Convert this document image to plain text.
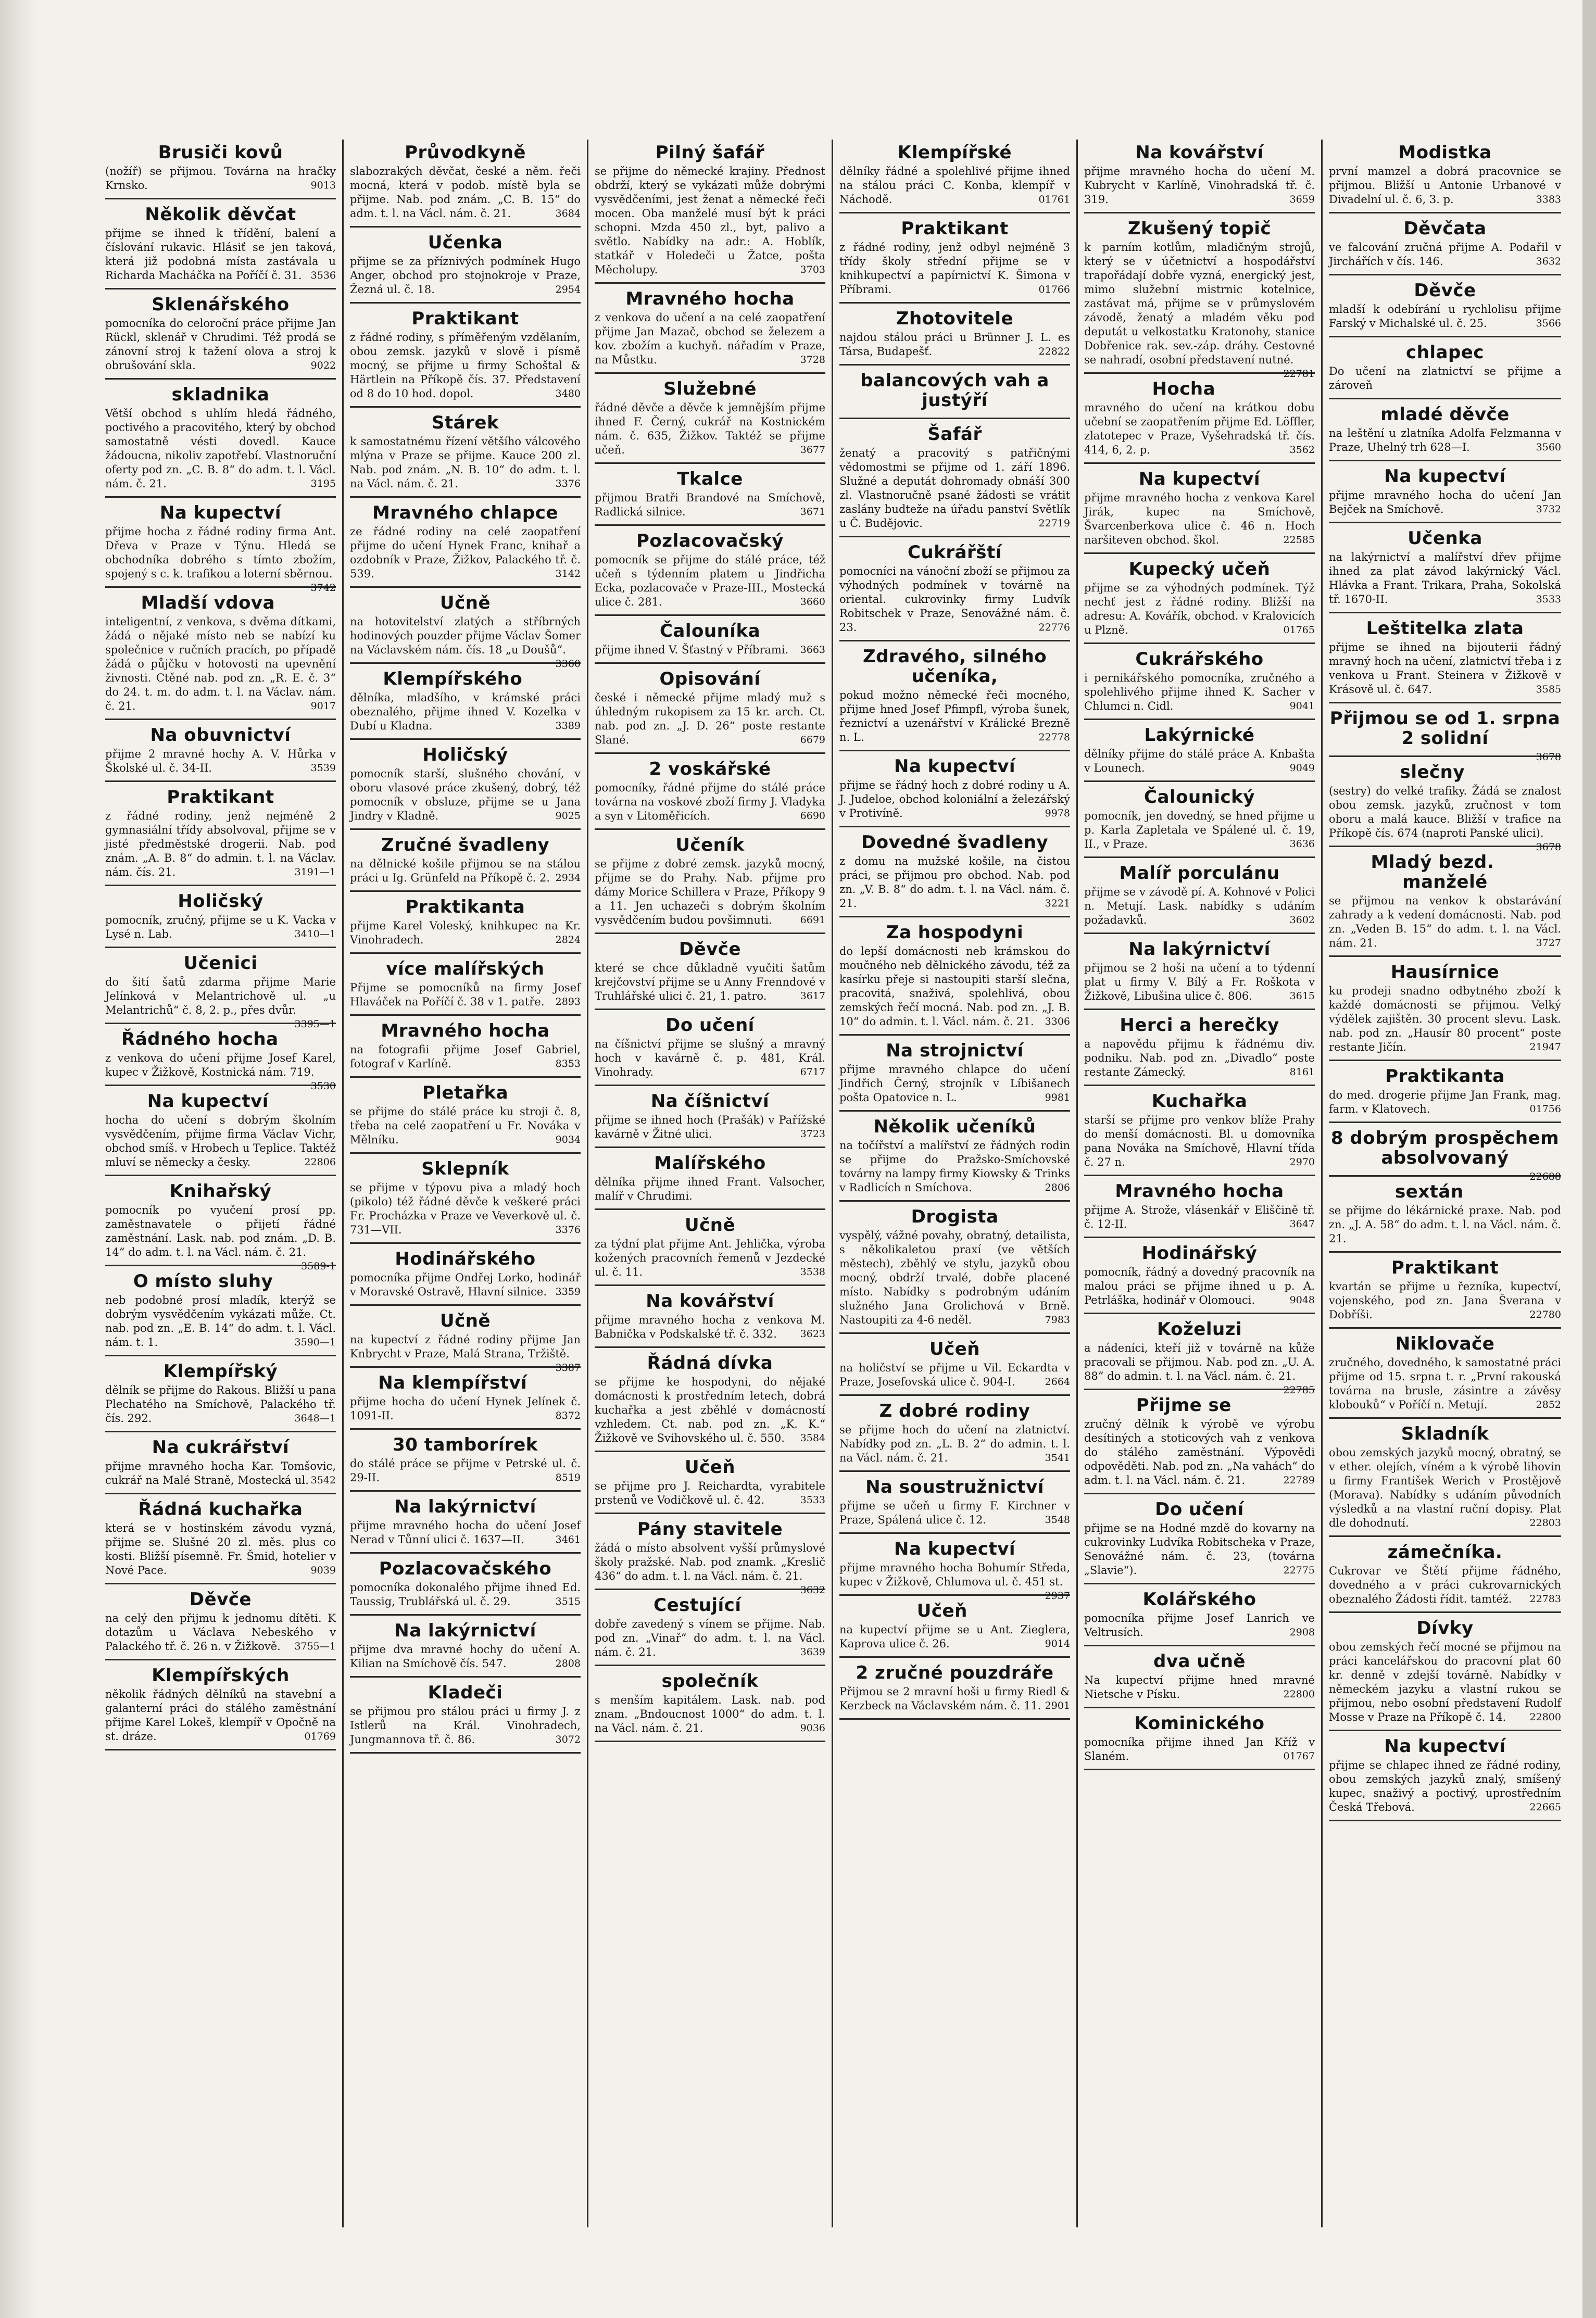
Brusiči kovů

(nožíř) se přijmou. Továrna na hračky Krnsko.	9013

Několik děvčat

přijme se ihned k třídění, balení a číslování rukavic. Hlásiť se jen taková, která již podobná místa zastávala u Richarda Macháčka na Poříčí č. 31. 3536

Sklenářského

pomocníka do celoroční práce přijme Jan Rückl, sklenář v Chrudimi. Též prodá se zánovní stroj k tažení olova a stroj k obrušování skla.	9022

skladnika

Větší obchod s uhlím hledá řádného, poctivého a pracovitého, který by obchod samostatně vésti dovedl. Kauce žádoucna, nikoliv zapotřebí. Vlastnoruční oferty pod zn. „C. B. 8“ do adm. t. l. Václ. nám. č. 21.	3195

Na kupectví

přijme hocha z řádné rodiny firma Ant. Dřeva v Praze v Týnu. Hledá se obchodníka dobrého s tímto zbožím, spojený s c. k. trafikou a loterní sběrnou.
3742

Mladší vdova

inteligentní, z venkova, s dvěma dítkami, žádá o nějaké místo neb se nabízí ku společnice v ručních pracích, po případě žádá o půjčku v hotovosti na upevnění živnosti. Ctěné nab. pod zn. „R. E. č. 3“ do 24. t. m. do adm. t. l. na Václav. nám. č. 21.	9017

Na obuvnictví

přijme 2 mravné hochy A. V. Hůrka v Školské ul. č. 34-II.	3539

Praktikant

z řádné rodiny, jenž nejméně 2 gymnasiální třídy absolvoval, přijme se v jisté předměstské drogerii. Nab. pod znám. „A. B. 8“ do admin. t. l. na Václav. nám. čís. 21.	3191—1

Holičský

pomocník, zručný, přijme se u K. Vacka v Lysé n. Lab.	3410—1

Učenici

do šití šatů zdarma přijme Marie Jelínková v Melantrichově ul. „u Melantrichů“ č. 8, 2. p., přes dvůr.
3395—1

Řádného hocha

z venkova do učení přijme Josef Karel, kupec v Žižkově, Kostnická nám. 719.
3530

Na kupectví

hocha do učení s dobrým školním vysvědčením, přijme firma Václav Vichr, obchod smíš. v Hrobech u Teplice. Taktéž mluví se německy a česky.	22806

Knihařský

pomocník po vyučení prosí pp. zaměstnavatele o přijetí řádné zaměstnání. Lask. nab. pod znám. „D. B. 14“ do adm. t. l. na Václ. nám. č. 21.
3589-1

O místo sluhy

neb podobné prosí mladík, kterýž se dobrým vysvědčením vykázati může. Ct. nab. pod zn. „E. B. 14“ do adm. t. l. Václ. nám. t. 1.	3590—1

Klempířský

dělník se přijme do Rakous. Bližší u pana Plechatého na Smíchově, Palackého tř. čís. 292.	3648—1

Na cukrářství

přijme mravného hocha Kar. Tomšovic, cukrář na Malé Straně, Mostecká ul. 3542

Řádná kuchařka

která se v hostinském závodu vyzná, přijme se. Slušné 20 zl. měs. plus co kosti. Bližší písemně. Fr. Šmid, hotelier v Nové Pace.	9039

Děvče

na celý den přijmu k jednomu dítěti. K dotazům u Václava Nebeského v Palackého tř. č. 26 n. v Žižkově. 3755—1

Klempířských

několik řádných dělníků na stavební a galanterní práci do stálého zaměstnání přijme Karel Lokeš, klempíř v Opočně na st. dráze.	01769

Průvodkyně

slabozrakých děvčat, české a něm. řeči mocná, která v podob. místě byla se přijme. Nab. pod znám. „C. B. 15“ do adm. t. l. na Václ. nám. č. 21.	3684

Učenka

přijme se za příznivých podmínek Hugo Anger, obchod pro stojnokroje v Praze, Žezná ul. č. 18.	2954

Praktikant

z řádné rodiny, s příměřeným vzdělaním, obou zemsk. jazyků v slově i písmě mocný, se přijme u firmy Schoštal & Härtlein na Příkopě čís. 37. Představení od 8 do 10 hod. dopol.	3480

Stárek

k samostatnému řízení většího válcového mlýna v Praze se přijme. Kauce 200 zl. Nab. pod znám. „N. B. 10“ do adm. t. l. na Václ. nám. č. 21.	3376

Mravného chlapce

ze řádné rodiny na celé zaopatření přijme do učení Hynek Franc, knihař a ozdobník v Praze, Žižkov, Palackého tř. č. 539.	3142

Učně

na hotovitelství zlatých a stříbrných hodinových pouzder přijme Václav Šomer na Václavském nám. čís. 18 „u Doušů“.
3360

Klempířského

dělníka, mladšího, v krámské práci obeznalého, přijme ihned V. Kozelka v Dubí u Kladna.	3389

Holičský

pomocník starší, slušného chování, v oboru vlasové práce zkušený, dobrý, též pomocník v obsluze, přijme se u Jana Jindry v Kladně.	9025

Zručné švadleny

na dělnické košile přijmou se na stálou práci u Ig. Grünfeld na Příkopě č. 2. 2934

Praktikanta

přijme Karel Voleský, knihkupec na Kr. Vinohradech.	2824

více malířských

Přijme se pomocníků na firmy Josef Hlaváček na Poříčí č. 38 v 1. patře. 2893

Mravného hocha

na fotografii přijme Josef Gabriel, fotograf v Karlíně.	8353

Pletařka

se přijme do stálé práce ku stroji č. 8, třeba na celé zaopatření u Fr. Nováka v Mělníku.	9034

Sklepník

se přijme v týpovu piva a mladý hoch (pikolo) též řádné děvče k veškeré práci Fr. Procházka v Praze ve Veverkově ul. č. 731—VII.	3376

Hodinářského

pomocníka přijme Ondřej Lorko, hodinář v Moravské Ostravě, Hlavní silnice. 3359

Učně

na kupectví z řádné rodiny přijme Jan Knbrycht v Praze, Malá Strana, Tržiště.
3387

Na klempířství

přijme hocha do učení Hynek Jelínek č. 1091-II.	8372

30 tamborírek

do stálé práce se přijme v Petrské ul. č. 29-II.	8519

Na lakýrnictví

přijme mravného hocha do učení Josef Nerad v Tůnní ulici č. 1637—II.	3461

Pozlacovačského

pomocníka dokonalého přijme ihned Ed. Taussig, Trublářská ul. č. 29.	3515

Na lakýrnictví

přijme dva mravné hochy do učení A. Kilian na Smíchově čís. 547.	2808

Kladeči

se přijmou pro stálou práci u firmy J. z Istlerů na Král. Vinohradech, Jungmannova tř. č. 86.	3072

Pilný šafář

se přijme do německé krajiny. Přednost obdrží, který se vykázati může dobrými vysvědčeními, jest ženat a německé řeči mocen. Oba manželé musí být k práci schopni. Mzda 450 zl., byt, palivo a světlo. Nabídky na adr.: A. Hoblík, statkář v Holedeči u Žatce, pošta Měcholupy.	3703

Mravného hocha

z venkova do učení a na celé zaopatření přijme Jan Mazač, obchod se železem a kov. zbožím a kuchyň. nářadím v Praze, na Můstku.	3728

Služebné

řádné děvče a děvče k jemnějším přijme ihned F. Černý, cukrář na Kostnickém nám. č. 635, Žižkov. Taktéž se přijme učeň.	3677

Tkalce

přijmou Bratři Brandové na Smíchově, Radlická silnice.	3671

Pozlacovačský

pomocník se přijme do stálé práce, též učeň s týdenním platem u Jindřicha Ecka, pozlacovače v Praze-III., Mostecká ulice č. 281.	3660

Čalouníka

přijme ihned V. Šťastný v Příbrami. 3663

Opisování

české i německé přijme mladý muž s úhledným rukopisem za 15 kr. arch. Ct. nab. pod zn. „J. D. 26“ poste restante Slané.	6679

2 voskářské

pomocníky, řádné přijme do stálé práce továrna na voskové zboží firmy J. Vladyka a syn v Litoměřicích.	6690

Učeník

se přijme z dobré zemsk. jazyků mocný, přijme se do Prahy. Nab. přijme pro dámy Morice Schillera v Praze, Příkopy 9 a 11. Jen uchazeči s dobrým školním vysvědčením budou povšimnuti.	6691

Děvče

které se chce důkladně vyučiti šatům krejčovství přijme se u Anny Frenndové v Truhlářské ulici č. 21, 1. patro.	3617

Do učení

na číšnictví přijme se slušný a mravný hoch v kavárně č. p. 481, Král. Vinohrady.	6717

Na číšnictví

přijme se ihned hoch (Prašák) v Pařížské kavárně v Žitné ulici.	3723

Malířského

dělníka přijme ihned Frant. Valsocher, malíř v Chrudimi.

Učně

za týdní plat přijme Ant. Jehlička, výroba kožených pracovních řemenů v Jezdecké ul. č. 11.	3538

Na kovářství

přijme mravného hocha z venkova M. Babnička v Podskalské tř. č. 332. 3623

Řádná dívka

se přijme ke hospodyni, do nějaké domácnosti k prostředním letech, dobrá kuchařka a jest zběhlé v domácností vzhledem. Ct. nab. pod zn. „K. K.“ Žižkově ve Svihovského ul. č. 550. 3584

Učeň

se přijme pro J. Reichardta, vyrabitele prstenů ve Vodičkově ul. č. 42.	3533

Pány stavitele

žádá o místo absolvent vyšší průmyslové školy pražské. Nab. pod znamk. „Kreslič 436“ do adm. t. l. na Václ. nám. č. 21.
3632

Cestující

dobře zavedený s vínem se přijme. Nab. pod zn. „Vinař“ do adm. t. l. na Václ. nám. č. 21.	3639

společník

s menším kapitálem. Lask. nab. pod znam. „Bndoucnost 1000“ do adm. t. l. na Václ. nám. č. 21.	9036

Klempířské

dělníky řádné a spolehlivé přijme ihned na stálou práci C. Konba, klempíř v Náchodě.	01761

Praktikant

z řádné rodiny, jenž odbyl nejméně 3 třídy školy střední přijme se v knihkupectví a papírnictví K. Šimona v Příbrami.	01766

Zhotovitele

najdou stálou práci u Brünner J. L. es Társa, Budapešť.	22822

balancových vah a justýří

Šafář

ženatý a pracovitý s patřičnými vědomostmi se přijme od 1. září 1896. Služné a deputát dohromady obnáší 300 zl. Vlastnoručně psané žádosti se vrátit zaslány budteže na úřadu panství Světlík u Č. Budějovic.	22719

Cukrářští

pomocníci na vánoční zboží se přijmou za výhodných podmínek v továrně na oriental. cukrovinky firmy Ludvík Robitschek v Praze, Senovážné nám. č. 23.	22776

Zdravého, silného učeníka,

pokud možno německé řeči mocného, přijme hned Josef Pfimpfl, výroba šunek, řeznictví a uzenářství v Králické Brezně n. L.	22778

Na kupectví

přijme se řádný hoch z dobré rodiny u A. J. Judeloe, obchod koloniální a železářský v Protivíně.	9978

Dovedné švadleny

z domu na mužské košile, na čistou práci, se přijmou pro obchod. Nab. pod zn. „V. B. 8“ do adm. t. l. na Václ. nám. č. 21.	3221

Za hospodyni

do lepší domácnosti neb krámskou do moučného neb dělnického závodu, též za kasírku přeje si nastoupiti starší slečna, pracovitá, snaživá, spolehlivá, obou zemských řečí mocná. Nab. pod zn. „J. B. 10“ do admin. t. l. Václ. nám. č. 21. 3306

Na strojnictví

přijme mravného chlapce do učení Jindřich Černý, strojník v Líbišanech pošta Opatovice n. L.	9981

Několik učeníků

na točířství a malířství ze řádných rodin se přijme do Pražsko-Smíchovské továrny na lampy firmy Kiowsky & Trinks v Radlicích n Smíchova.	2806

Drogista

vyspělý, vážné povahy, obratný, detailista, s několikaletou praxí (ve větších městech), zběhlý ve stylu, jazyků obou mocný, obdrží trvalé, dobře placené místo. Nabídky s podrobným udáním služného Jana Grolichová v Brně. Nastoupiti za 4-6 neděl.	7983

Učeň

na holičství se přijme u Vil. Eckardta v Praze, Josefovská ulice č. 904-I.	2664

Z dobré rodiny

se přijme hoch do učení na zlatnictví. Nabídky pod zn. „L. B. 2“ do admin. t. l. na Václ. nám. č. 21.	3541

Na soustružnictví

přijme se učeň u firmy F. Kirchner v Praze, Spálená ulice č. 12.	3548

Na kupectví

přijme mravného hocha Bohumír Středa, kupec v Žižkově, Chlumova ul. č. 451 st.
2937

Učeň

na kupectví přijme se u Ant. Zieglera, Kaprova ulice č. 26.	9014

2 zručné pouzdráře

Přijmou se 2 mravní hoši u firmy Riedl & Kerzbeck na Václavském nám. č. 11. 2901

Na kovářství

přijme mravného hocha do učení M. Kubrycht v Karlíně, Vinohradská tř. č. 319.	3659

Zkušený topič

k parním kotlům, mladičným strojů, který se v účetnictví a hospodářství trapořádají dobře vyzná, energický jest, mimo služební mistrnic kotelnice, zastávat má, přijme se v průmyslovém závodě, ženatý a mladém věku pod deputát u velkostatku Kratonohy, stanice Dobřenice rak. sev.-záp. dráhy. Cestovné se nahradí, osobní představení nutné.
22781

Hocha

mravného do učení na krátkou dobu učební se zaopatřením přijme Ed. Löffler, zlatotepec v Praze, Vyšehradská tř. čís. 414, 6, 2. p.	3562

Na kupectví

přijme mravného hocha z venkova Karel Jirák, kupec na Smíchově, Švarcenberkova ulice č. 46 n. Hoch naršiteven obchod. škol.	22585

Kupecký učeň

přijme se za výhodných podmínek. Týž nechť jest z řádné rodiny. Bližší na adresu: A. Kovářík, obchod. v Kralovicích u Plzně.	01765

Cukrářského

i pernikářského pomocníka, zručného a spolehlivého přijme ihned K. Sacher v Chlumci n. Cidl.	9041

Lakýrnické

dělníky přijme do stálé práce A. Knbašta v Lounech.	9049

Čalounický

pomocník, jen dovedný, se hned přijme u p. Karla Zapletala ve Spálené ul. č. 19, II., v Praze.	3636

Malíř porculánu

přijme se v závodě pí. A. Kohnové v Polici n. Metují. Lask. nabídky s udáním požadavků.	3602

Na lakýrnictví

přijmou se 2 hoši na učení a to týdenní plat u firmy V. Bílý a Fr. Roškota v Žižkově, Libušina ulice č. 806.	3615

Herci a herečky

a napovědu přijmu k řádnému div. podniku. Nab. pod zn. „Divadlo“ poste restante Zámecký.	8161

Kuchařka

starší se přijme pro venkov blíže Prahy do menší domácnosti. Bl. u domovníka pana Nováka na Smíchově, Hlavní třída č. 27 n.	2970

Mravného hocha

přijme A. Strože, vlásenkář v Eliščině tř. č. 12-II.	3647

Hodinářský

pomocník, řádný a dovedný pracovník na malou práci se přijme ihned u p. A. Petrláška, hodinář v Olomouci.	9048

Koželuzi

a nádeníci, kteří již v továrně na kůže pracovali se přijmou. Nab. pod zn. „U. A. 88“ do admin. t. l. na Václ. nám. č. 21.
22785

Přijme se

zručný dělník k výrobě ve výrobu desítiných a stoticových vah z venkova do stálého zaměstnání. Výpovědi odpověděti. Nab. pod zn. „Na vahách“ do adm. t. l. na Václ. nám. č. 21.	22789

Do učení

přijme se na Hodné mzdě do kovarny na cukrovinky Ludvíka Robitscheka v Praze, Senovážné nám. č. 23, (továrna „Slavie“).	22775

Kolářského

pomocníka přijme Josef Lanrich ve Veltrusích.	2908

dva učně

Na kupectví přijme hned mravné Nietsche v Písku.	22800

Kominického

pomocníka přijme ihned Jan Kříž v Slaném.	01767

Modistka

první mamzel a dobrá pracovnice se přijmou. Bližší u Antonie Urbanové v Divadelní ul. č. 6, 3. p.	3383

Děvčata

ve falcování zručná přijme A. Podařil v Jirchářích v čís. 146.	3632

Děvče

mladší k odebírání u rychlolisu přijme Farský v Michalské ul. č. 25.	3566

chlapec

Do učení na zlatnictví se přijme a zároveň

mladé děvče

na leštění u zlatníka Adolfa Felzmanna v Praze, Uhelný trh 628—I.	3560

Na kupectví

přijme mravného hocha do učení Jan Bejček na Smíchově.	3732

Učenka

na lakýrnictví a malířství dřev přijme ihned za plat závod lakýrnický Václ. Hlávka a Frant. Trikara, Praha, Sokolská tř. 1670-II.	3533

Leštitelka zlata

přijme se ihned na bijouterii řádný mravný hoch na učení, zlatnictví třeba i z venkova u Frant. Steinera v Žižkově v Krásově ul. č. 647.	3585

Přijmou se od 1. srpna 2 solidní

3678

slečny

(sestry) do velké trafiky. Žádá se znalost obou zemsk. jazyků, zručnost v tom oboru a malá kauce. Bližší v trafice na Příkopě čís. 674 (naproti Panské ulici).
3678

Mladý bezd. manželé

se přijmou na venkov k obstarávání zahrady a k vedení domácnosti. Nab. pod zn. „Veden B. 15“ do adm. t. l. na Václ. nám. 21.	3727

Hausírnice

ku prodeji snadno odbytného zboží k každé domácnosti se přijmou. Velký výdělek zajištěn. 30 procent slevu. Lask. nab. pod zn. „Hausír 80 procent“ poste restante Jičín.	21947

Praktikanta

do med. drogerie přijme Jan Frank, mag. farm. v Klatovech.	01756

8 dobrým prospěchem absolvovaný

22688

sextán

se přijme do lékárnické praxe. Nab. pod zn. „J. A. 58“ do adm. t. l. na Václ. nám. č. 21.

Praktikant

kvartán se přijme u řezníka, kupectví, vojenského, pod zn. Jana Šverana v Dobříši.	22780

Niklovače

zručného, dovedného, k samostatné práci přijme od 15. srpna t. r. „První rakouská továrna na brusle, zásintre a závěsy klobouků“ v Poříčí n. Metují.	2852

Skladník

obou zemských jazyků mocný, obratný, se v ether. olejích, víném a k výrobě lihovin u firmy František Werich v Prostějově (Morava). Nabídky s udáním původních výsledků a na vlastní ruční dopisy. Plat dle dohodnutí.	22803

zámečníka.

Cukrovar ve Štětí přijme řádného, dovedného a v práci cukrovarnických obeznalého Žádosti řídit. tamtéž. 22783

Dívky

obou zemských řečí mocné se přijmou na práci kancelářskou do pracovní plat 60 kr. denně v zdejší továrně. Nabídky v německém jazyku a vlastní rukou se přijmou, nebo osobní představení Rudolf Mosse v Praze na Příkopě č. 14. 22800

Na kupectví

přijme se chlapec ihned ze řádné rodiny, obou zemských jazyků znalý, smíšený kupec, snaživý a poctivý, uprostředním Česká Třebová.	22665
